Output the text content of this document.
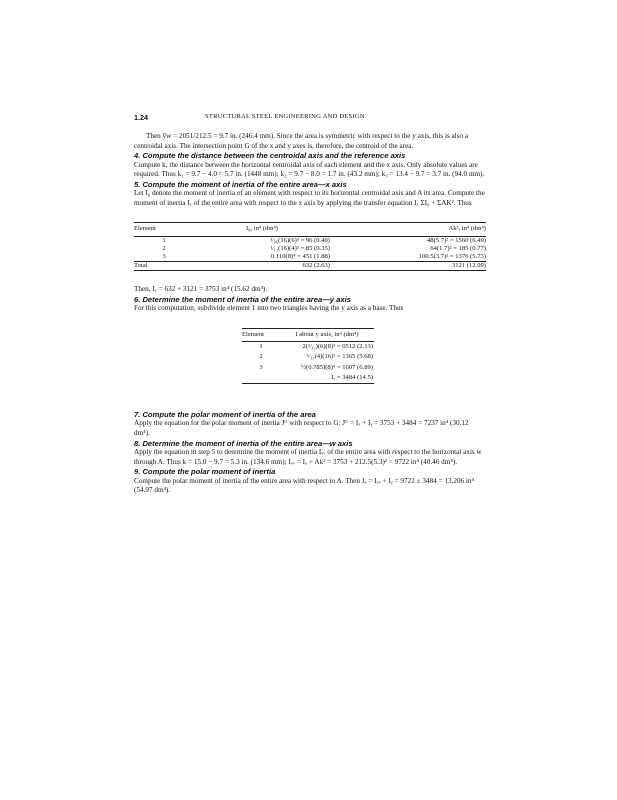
1.24	STRUCTURAL STEEL ENGINEERING AND DESIGN

Then y̅w = 2051/212.5 = 9.7 in. (246.4 mm). Since the area is symmetric with respect to the y axis, this is also a centroidal axis. The intersection point G of the x and y axes is, therefore, the centroid of the area.

4. Compute the distance between the centroidal axis and the reference axis

Compute k, the distance between the horizontal centroidal axis of each element and the x axis. Only absolute values are required. Thus k₁ = 9.7 − 4.0 = 5.7 in. (1448 mm); k₂ = 9.7 − 8.0 = 1.7 in. (43.2 mm); k₃ = 13.4 − 9.7 = 3.7 in. (94.0 mm).

5. Compute the moment of inertia of the entire area—x axis

Let I₀ denote the moment of inertia of an element with respect to its horizontal centroidal axis and A its area. Compute the moment of inertia Iₓ of the entire area with respect to the x axis by applying the transfer equation Iₓ ΣI₀ + ΣAK². Thus

Element	I₀, in⁴ (dm⁴)	Ak², in⁴ (dm⁴)
1	¹⁄₃₆(16)(6)³ = 96 (0.40)	48(5.7)² = 1560 (6.49)
2	¹⁄₁₂(16)(4)³ = 85 (0.35)	64(1.7)² = 185 (0.77)
3	0.110(8)⁴ = 451 (1.88)	100.5(3.7)² = 1376 (5.73)
Total	632 (2.63)	3121 (12.99)

Then, Iₓ = 632 + 3121 = 3753 in⁴ (15.62 dm⁴).

6. Determine the moment of inertia of the entire area—y axis

For this computation, subdivide element 1 into two triangles having the y axis as a base. Thus

Element	I about y axis, in⁴ (dm⁴)
1	2(¹⁄₁₂)(6)(8)³ = 0512 (2.13)
2	¹⁄₁₂(4)(16)³ = 1365 (5.68)
3	½(0.785)(8)⁴ = 1607 (6.89)
	Iᵧ = 3484 (14.5)

7. Compute the polar moment of inertia of the area

Apply the equation for the polar moment of inertia Jᴳ with respect to G: Jᴳ = Iₓ + Iᵧ = 3753 + 3484 = 7237 in⁴ (30.12 dm⁴).

8. Determine the moment of inertia of the entire area—w axis

Apply the equation in step 5 to determine the moment of inertia Iᵥᵥ of the entire area with respect to the horizontal axis w through A. Thus k = 15.0 − 9.7 = 5.3 in. (134.6 mm); Iᵥᵥ = Iₓ + Ak² = 3753 + 212.5(5.3)² = 9722 in⁴ (40.46 dm⁴).

9. Compute the polar moment of inertia

Compute the polar moment of inertia of the entire area with respect to A. Then Jₐ = Iᵥᵥ + Iᵧ = 9722 ± 3484 = 13,206 in⁴ (54.97 dm⁴).
